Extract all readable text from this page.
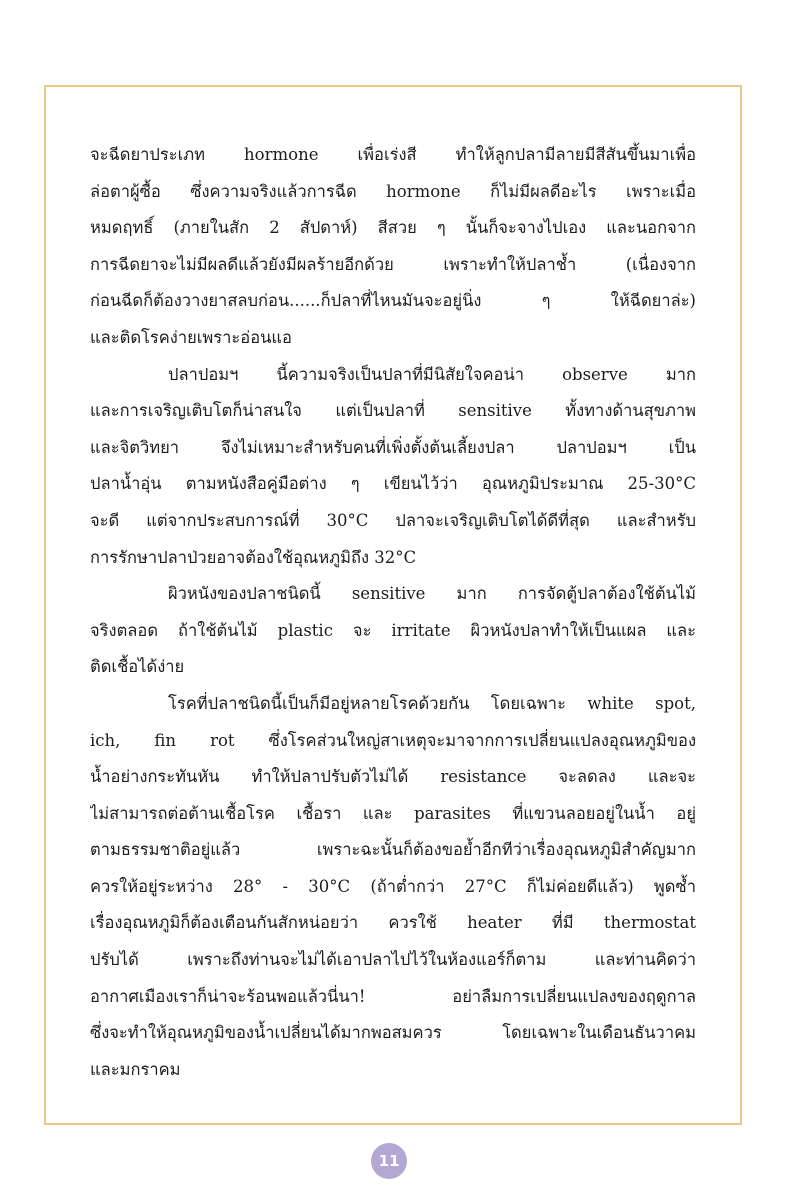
จะฉีดยาประเภท hormone เพื่อเร่งสี ทำให้ลูกปลามีลายมีสีสันขึ้นมาเพื่อ
ล่อตาผู้ซื้อ ซึ่งความจริงแล้วการฉีด hormone ก็ไม่มีผลดีอะไร เพราะเมื่อ
หมดฤทธิ์ (ภายในสัก 2 สัปดาห์) สีสวย ๆ นั้นก็จะจางไปเอง และนอกจาก
การฉีดยาจะไม่มีผลดีแล้วยังมีผลร้ายอีกด้วย เพราะทำให้ปลาช้ำ (เนื่องจาก
ก่อนฉีดก็ต้องวางยาสลบก่อน......ก็ปลาที่ไหนมันจะอยู่นิ่ง ๆ ให้ฉีดยาล่ะ)
และติดโรคง่ายเพราะอ่อนแอ
ปลาปอมฯ นี้ความจริงเป็นปลาที่มีนิสัยใจคอน่า observe มาก
และการเจริญเติบโตก็น่าสนใจ แต่เป็นปลาที่ sensitive ทั้งทางด้านสุขภาพ
และจิตวิทยา จึงไม่เหมาะสำหรับคนที่เพิ่งตั้งต้นเลี้ยงปลา ปลาปอมฯ เป็น
ปลาน้ำอุ่น ตามหนังสือคู่มือต่าง ๆ เขียนไว้ว่า อุณหภูมิประมาณ 25-30°C
จะดี แต่จากประสบการณ์ที่ 30°C ปลาจะเจริญเติบโตได้ดีที่สุด และสำหรับ
การรักษาปลาป่วยอาจต้องใช้อุณหภูมิถึง 32°C
ผิวหนังของปลาชนิดนี้ sensitive มาก การจัดตู้ปลาต้องใช้ต้นไม้
จริงตลอด ถ้าใช้ต้นไม้ plastic จะ irritate ผิวหนังปลาทำให้เป็นแผล และ
ติดเชื้อได้ง่าย
โรคที่ปลาชนิดนี้เป็นก็มีอยู่หลายโรคด้วยกัน โดยเฉพาะ white spot,
ich, fin rot ซึ่งโรคส่วนใหญ่สาเหตุจะมาจากการเปลี่ยนแปลงอุณหภูมิของ
น้ำอย่างกระทันหัน ทำให้ปลาปรับตัวไม่ได้ resistance จะลดลง และจะ
ไม่สามารถต่อต้านเชื้อโรค เชื้อรา และ parasites ที่แขวนลอยอยู่ในน้ำ อยู่
ตามธรรมชาติอยู่แล้ว เพราะฉะนั้นก็ต้องขอย้ำอีกทีว่าเรื่องอุณหภูมิสำคัญมาก
ควรให้อยู่ระหว่าง 28° - 30°C (ถ้าต่ำกว่า 27°C ก็ไม่ค่อยดีแล้ว) พูดซ้ำ
เรื่องอุณหภูมิก็ต้องเตือนกันสักหน่อยว่า ควรใช้ heater ที่มี thermostat
ปรับได้ เพราะถึงท่านจะไม่ได้เอาปลาไปไว้ในห้องแอร์ก็ตาม และท่านคิดว่า
อากาศเมืองเราก็น่าจะร้อนพอแล้วนี่นา! อย่าลืมการเปลี่ยนแปลงของฤดูกาล
ซึ่งจะทำให้อุณหภูมิของน้ำเปลี่ยนได้มากพอสมควร โดยเฉพาะในเดือนธันวาคม
และมกราคม
11
